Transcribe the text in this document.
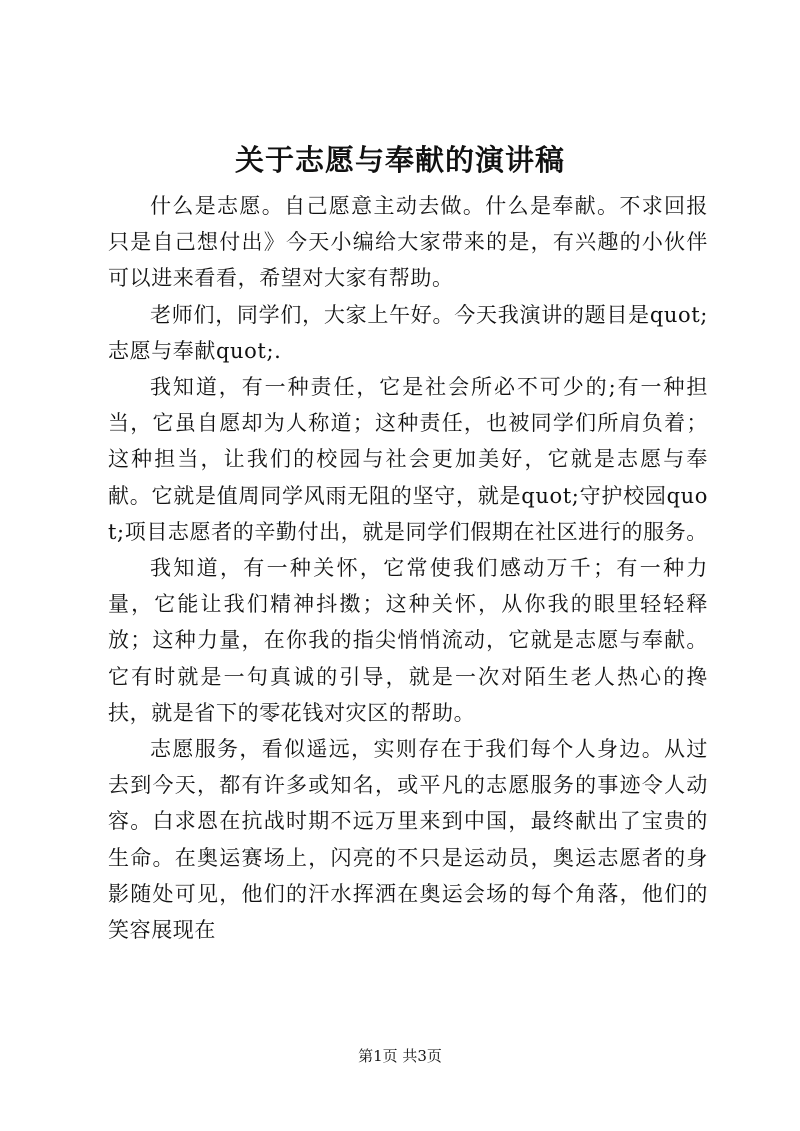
关于志愿与奉献的演讲稿

什么是志愿。自己愿意主动去做。什么是奉献。不求回报只是自己想付出》今天小编给大家带来的是，有兴趣的小伙伴可以进来看看，希望对大家有帮助。

老师们，同学们，大家上午好。今天我演讲的题目是quot;志愿与奉献quot;.

我知道，有一种责任，它是社会所必不可少的;有一种担当，它虽自愿却为人称道；这种责任，也被同学们所肩负着；这种担当，让我们的校园与社会更加美好，它就是志愿与奉献。它就是值周同学风雨无阻的坚守，就是quot;守护校园quot;项目志愿者的辛勤付出，就是同学们假期在社区进行的服务。

我知道，有一种关怀，它常使我们感动万千；有一种力量，它能让我们精神抖擞；这种关怀，从你我的眼里轻轻释放；这种力量，在你我的指尖悄悄流动，它就是志愿与奉献。它有时就是一句真诚的引导，就是一次对陌生老人热心的搀扶，就是省下的零花钱对灾区的帮助。

志愿服务，看似遥远，实则存在于我们每个人身边。从过去到今天，都有许多或知名，或平凡的志愿服务的事迹令人动容。白求恩在抗战时期不远万里来到中国，最终献出了宝贵的生命。在奥运赛场上，闪亮的不只是运动员，奥运志愿者的身影随处可见，他们的汗水挥洒在奥运会场的每个角落，他们的笑容展现在

第1页 共3页
